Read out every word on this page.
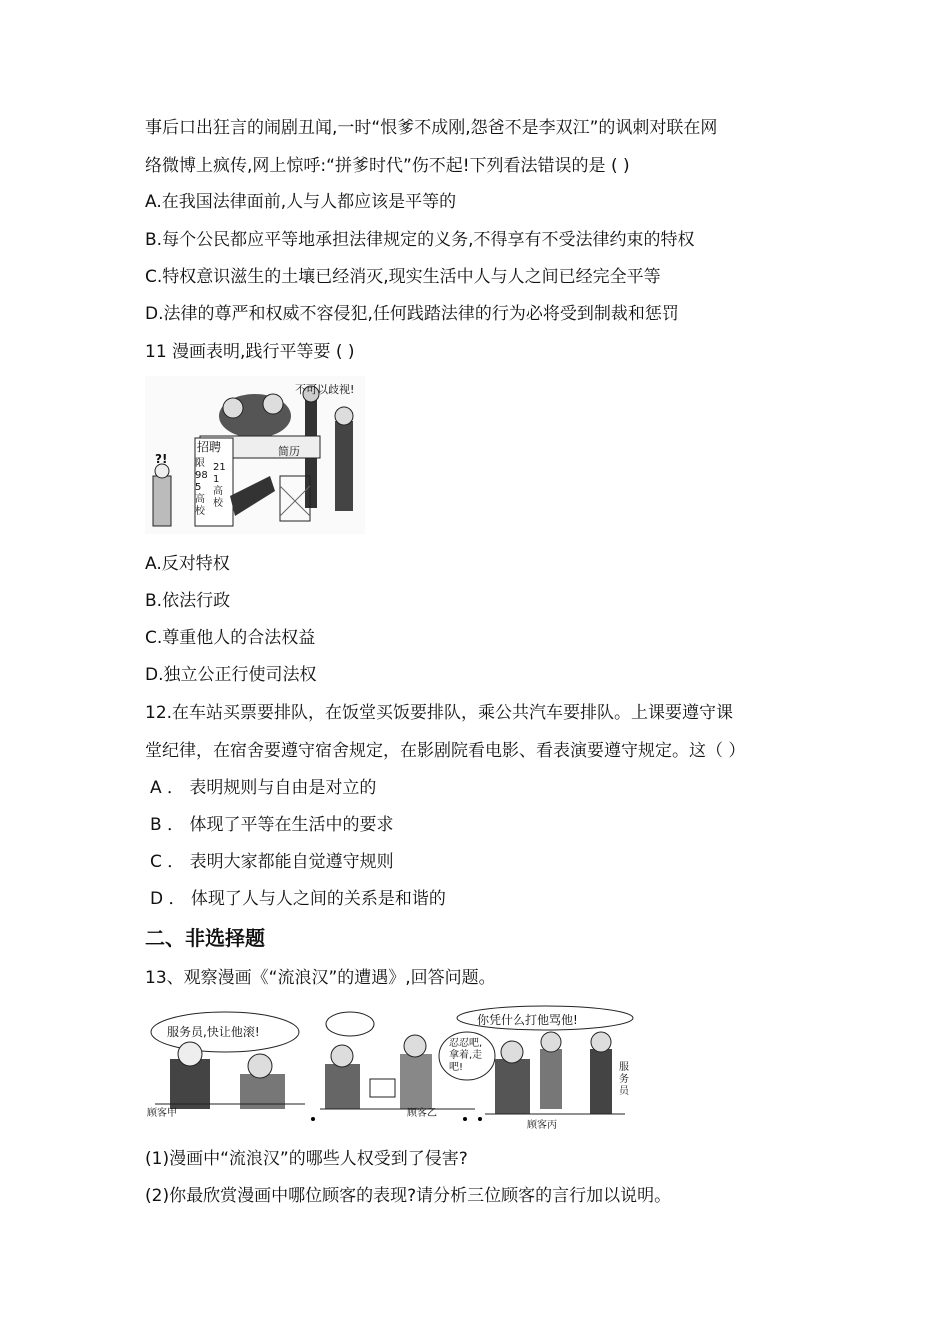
事后口出狂言的闹剧丑闻,一时“恨爹不成刚,怨爸不是李双江”的讽刺对联在网
络微博上疯传,网上惊呼:“拼爹时代”伤不起!下列看法错误的是 ( )
A.在我国法律面前,人与人都应该是平等的
B.每个公民都应平等地承担法律规定的义务,不得享有不受法律约束的特权
C.特权意识滋生的土壤已经消灭,现实生活中人与人之间已经完全平等
D.法律的尊严和权威不容侵犯,任何践踏法律的行为必将受到制裁和惩罚
11 漫画表明,践行平等要 ( )
不可以歧视!
?!
招聘
限985高校
211高校
简历
A.反对特权
B.依法行政
C.尊重他人的合法权益
D.独立公正行使司法权
12.在车站买票要排队，在饭堂买饭要排队，乘公共汽车要排队。上课要遵守课
堂纪律，在宿舍要遵守宿舍规定，在影剧院看电影、看表演要遵守规定。这（ ）
A ． 表明规则与自由是对立的
B ． 体现了平等在生活中的要求
C ． 表明大家都能自觉遵守规则
D ． 体现了人与人之间的关系是和谐的
二、非选择题
13、观察漫画《“流浪汉”的遭遇》,回答问题。
服务员,快让他滚!
忍忍吧,拿着,走吧!
你凭什么打他骂他!
顾客甲	顾客乙
顾客丙
服务员
(1)漫画中“流浪汉”的哪些人权受到了侵害?
(2)你最欣赏漫画中哪位顾客的表现?请分析三位顾客的言行加以说明。
